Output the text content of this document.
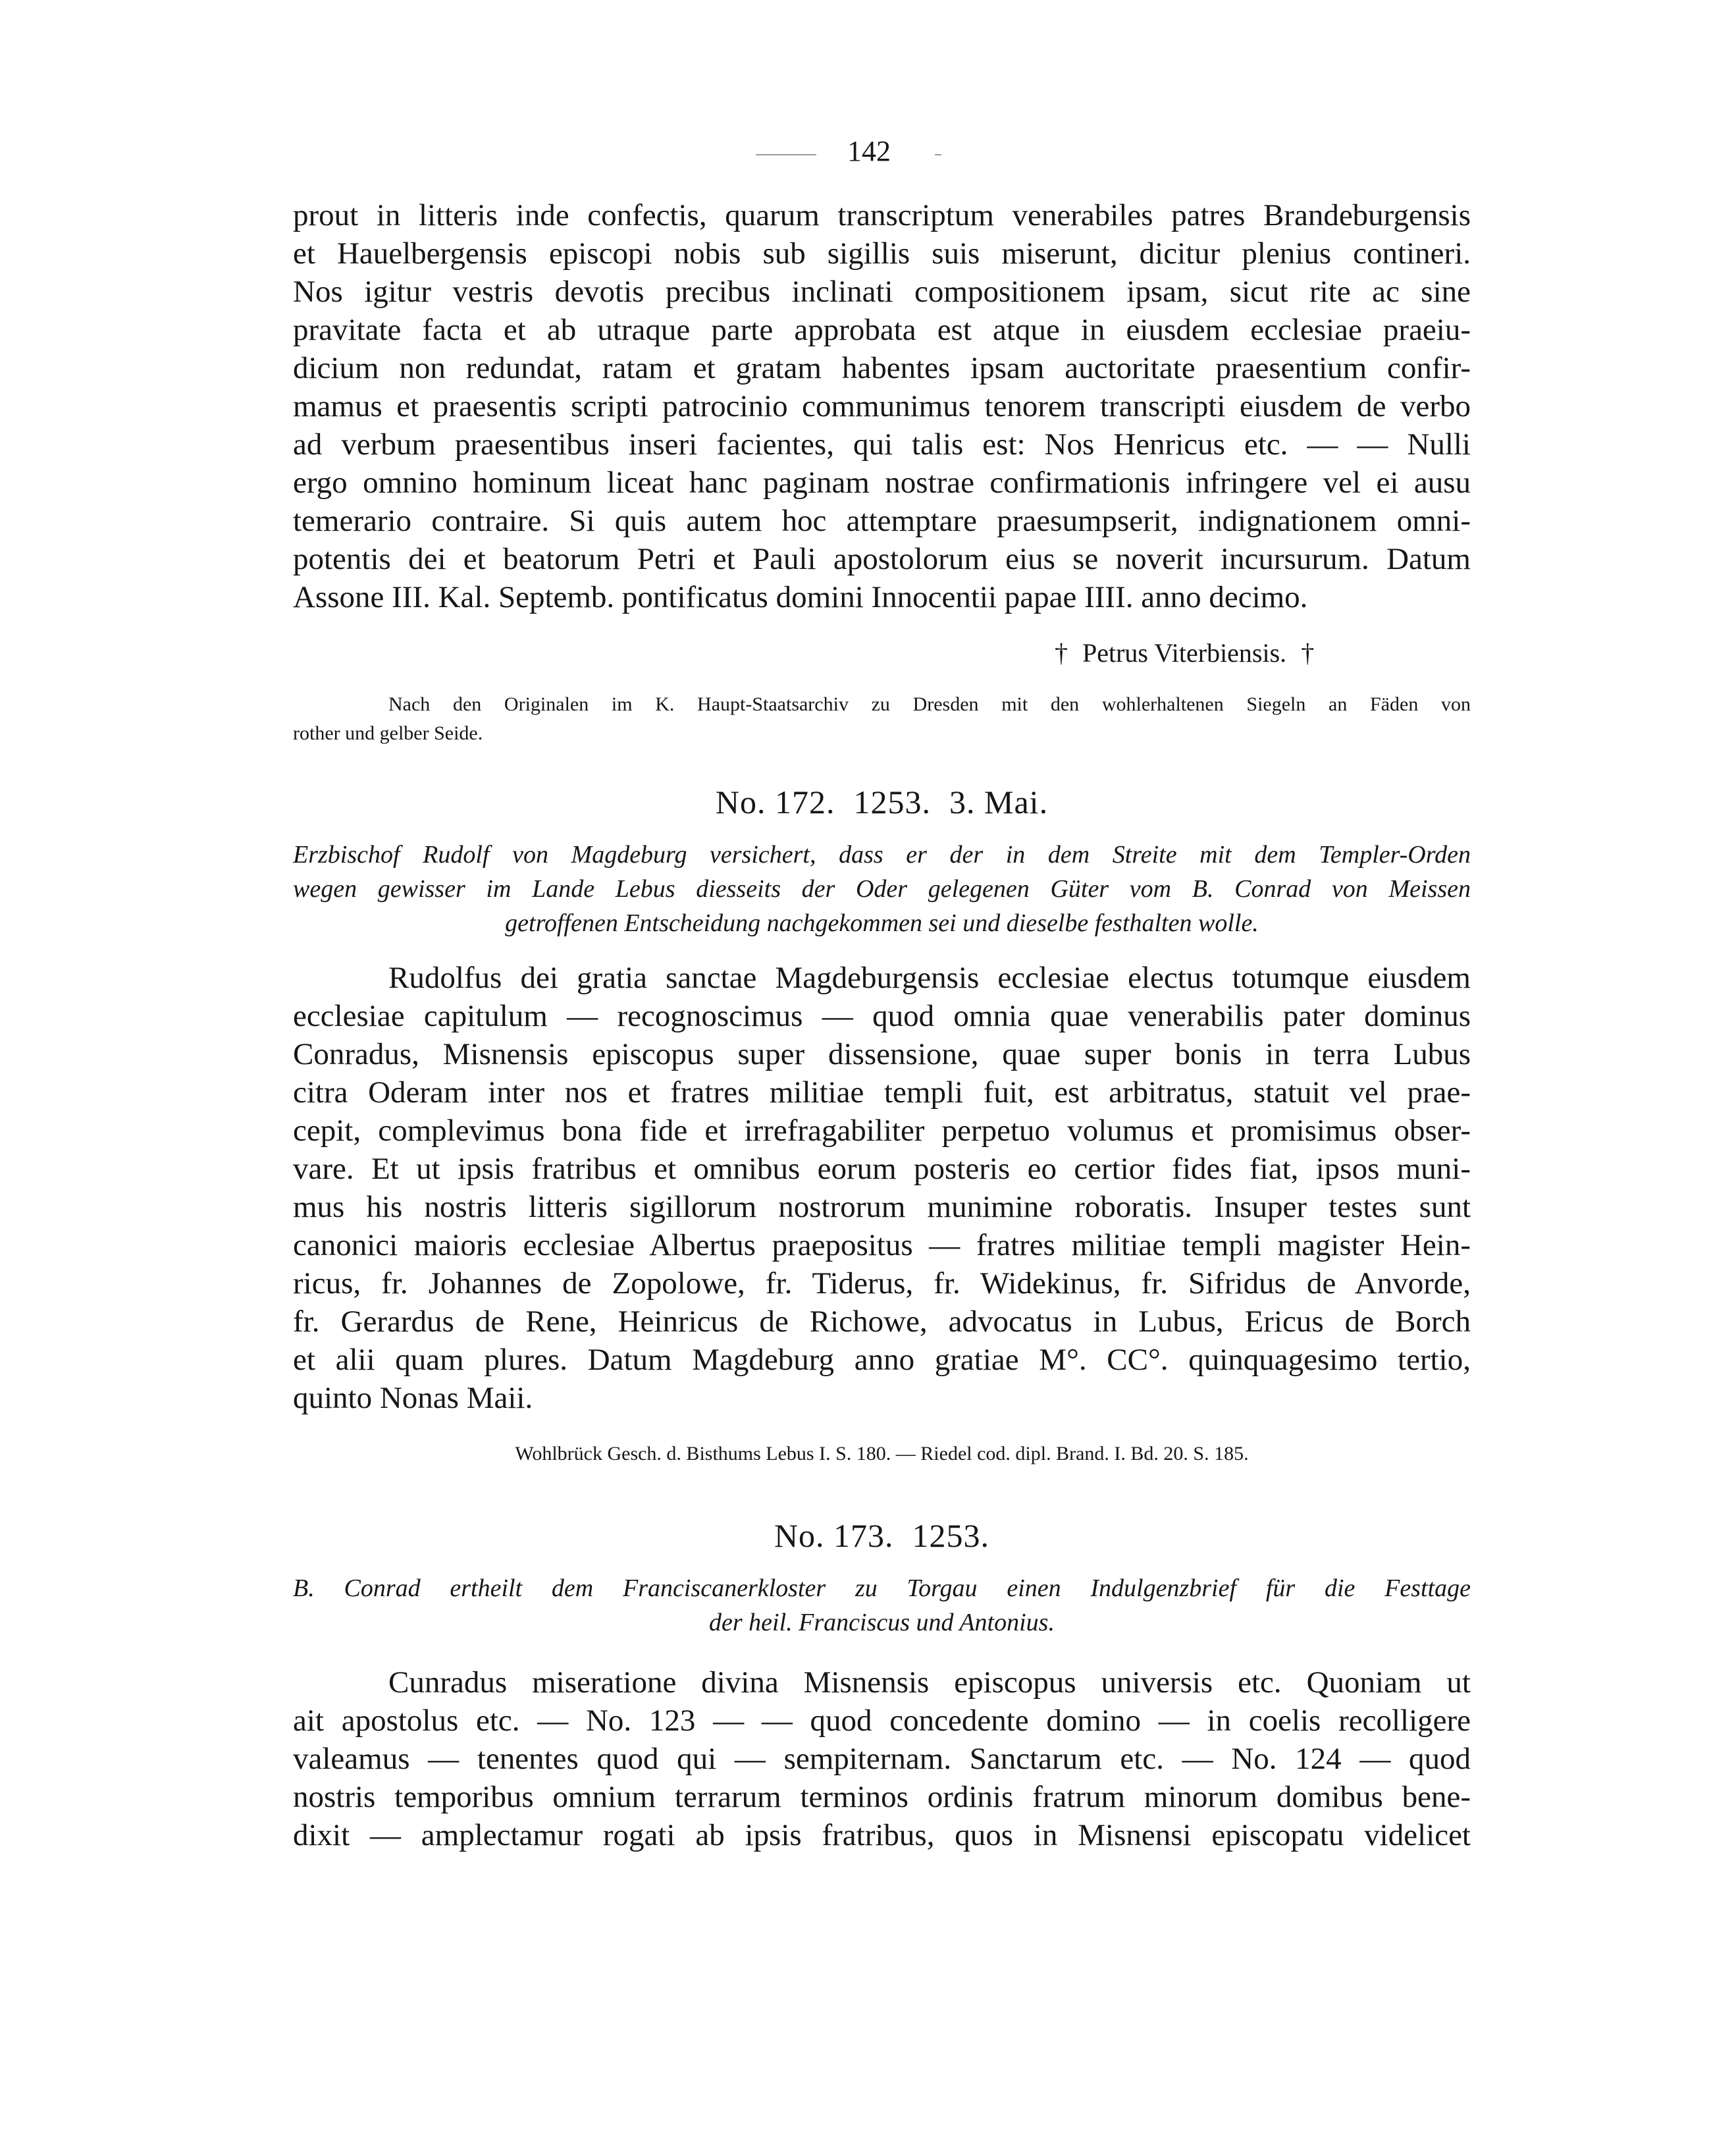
142
prout in litteris inde confectis, quarum transcriptum venerabiles patres Brandeburgensis
et Hauelbergensis episcopi nobis sub sigillis suis miserunt, dicitur plenius contineri.
Nos igitur vestris devotis precibus inclinati compositionem ipsam, sicut rite ac sine
pravitate facta et ab utraque parte approbata est atque in eiusdem ecclesiae praeiu-
dicium non redundat, ratam et gratam habentes ipsam auctoritate praesentium confir-
mamus et praesentis scripti patrocinio communimus tenorem transcripti eiusdem de verbo
ad verbum praesentibus inseri facientes, qui talis est: Nos Henricus etc. — — Nulli
ergo omnino hominum liceat hanc paginam nostrae confirmationis infringere vel ei ausu
temerario contraire. Si quis autem hoc attemptare praesumpserit, indignationem omni-
potentis dei et beatorum Petri et Pauli apostolorum eius se noverit incursurum. Datum
Assone III. Kal. Septemb. pontificatus domini Innocentii papae IIII. anno decimo.
† Petrus Viterbiensis. †
Nach den Originalen im K. Haupt-Staatsarchiv zu Dresden mit den wohlerhaltenen Siegeln an Fäden von
rother und gelber Seide.
No. 172. 1253. 3. Mai.
Erzbischof Rudolf von Magdeburg versichert, dass er der in dem Streite mit dem Templer-Orden
wegen gewisser im Lande Lebus diesseits der Oder gelegenen Güter vom B. Conrad von Meissen
getroffenen Entscheidung nachgekommen sei und dieselbe festhalten wolle.
Rudolfus dei gratia sanctae Magdeburgensis ecclesiae electus totumque eiusdem
ecclesiae capitulum — recognoscimus — quod omnia quae venerabilis pater dominus
Conradus, Misnensis episcopus super dissensione, quae super bonis in terra Lubus
citra Oderam inter nos et fratres militiae templi fuit, est arbitratus, statuit vel prae-
cepit, complevimus bona fide et irrefragabiliter perpetuo volumus et promisimus obser-
vare. Et ut ipsis fratribus et omnibus eorum posteris eo certior fides fiat, ipsos muni-
mus his nostris litteris sigillorum nostrorum munimine roboratis. Insuper testes sunt
canonici maioris ecclesiae Albertus praepositus — fratres militiae templi magister Hein-
ricus, fr. Johannes de Zopolowe, fr. Tiderus, fr. Widekinus, fr. Sifridus de Anvorde,
fr. Gerardus de Rene, Heinricus de Richowe, advocatus in Lubus, Ericus de Borch
et alii quam plures. Datum Magdeburg anno gratiae M°. CC°. quinquagesimo tertio,
quinto Nonas Maii.
Wohlbrück Gesch. d. Bisthums Lebus I. S. 180. — Riedel cod. dipl. Brand. I. Bd. 20. S. 185.
No. 173. 1253.
B. Conrad ertheilt dem Franciscanerkloster zu Torgau einen Indulgenzbrief für die Festtage
der heil. Franciscus und Antonius.
Cunradus miseratione divina Misnensis episcopus universis etc. Quoniam ut
ait apostolus etc. — No. 123 — — quod concedente domino — in coelis recolligere
valeamus — tenentes quod qui — sempiternam. Sanctarum etc. — No. 124 — quod
nostris temporibus omnium terrarum terminos ordinis fratrum minorum domibus bene-
dixit — amplectamur rogati ab ipsis fratribus, quos in Misnensi episcopatu videlicet
